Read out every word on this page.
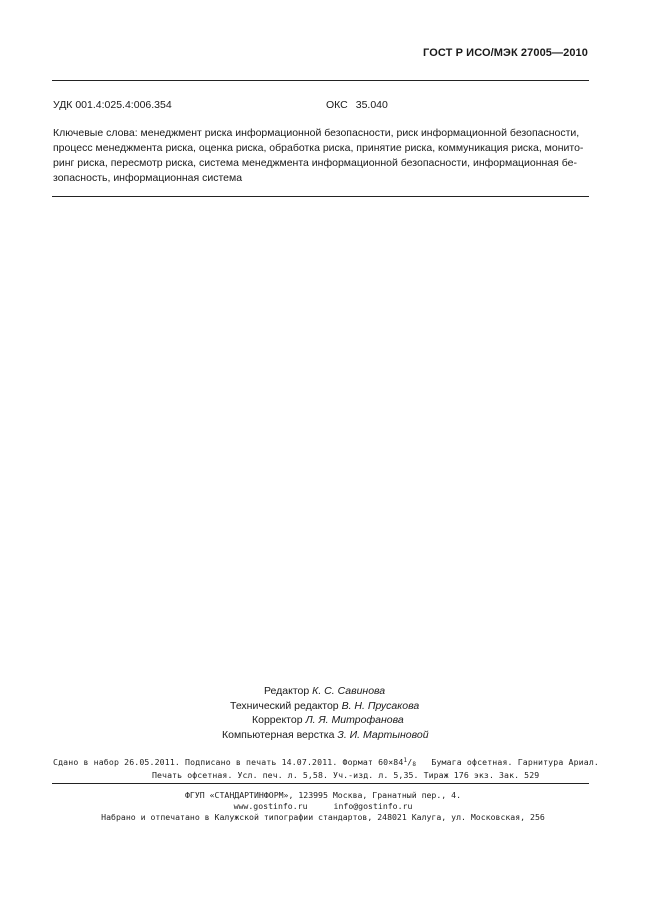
ГОСТ Р ИСО/МЭК 27005—2010
УДК 001.4:025.4:006.354	ОКС 35.040
Ключевые слова: менеджмент риска информационной безопасности, риск информационной безопасности,
процесс менеджмента риска, оценка риска, обработка риска, принятие риска, коммуникация риска, монито-
ринг риска, пересмотр риска, система менеджмента информационной безопасности, информационная бе-
зопасность, информационная система
Редактор К. С. Савинова
Технический редактор В. Н. Прусакова
Корректор Л. Я. Митрофанова
Компьютерная верстка З. И. Мартыновой
Сдано в набор 26.05.2011. Подписано в печать 14.07.2011. Формат $60\times 84^1/_8$ Бумага офсетная. Гарнитура Ариал.
Печать офсетная. Усл. печ. л. 5,58. Уч.-изд. л. 5,35. Тираж 176 экз. Зак. 529
ФГУП «СТАНДАРТИНФОРМ», 123995 Москва, Гранатный пер., 4.
www.gostinfo.ru	info@gostinfo.ru
Набрано и отпечатано в Калужской типографии стандартов, 248021 Калуга, ул. Московская, 256
